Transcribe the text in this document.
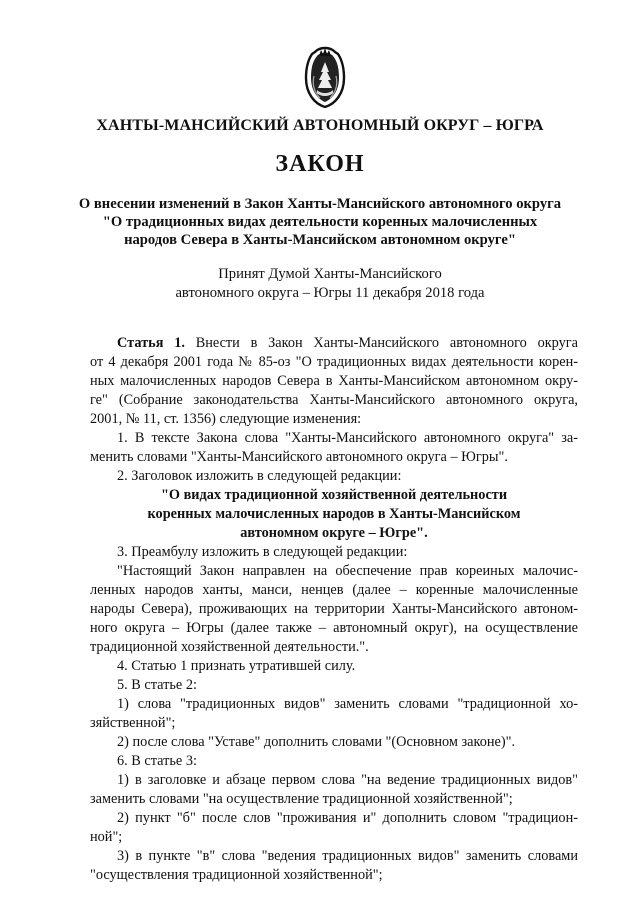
ХАНТЫ-МАНСИЙСКИЙ АВТОНОМНЫЙ ОКРУГ – ЮГРА
ЗАКОН
О внесении изменений в Закон Ханты-Мансийского автономного округа
"О традиционных видах деятельности коренных малочисленных
народов Севера в Ханты-Мансийском автономном округе"
Принят Думой Ханты-Мансийского
автономного округа – Югры 11 декабря 2018 года
Статья 1. Внести в Закон Ханты-Мансийского автономного округа
от 4 декабря 2001 года № 85-оз "О традиционных видах деятельности корен-
ных малочисленных народов Севера в Ханты-Мансийском автономном окру-
ге" (Собрание законодательства Ханты-Мансийского автономного округа,
2001, № 11, ст. 1356) следующие изменения:
1. В тексте Закона слова "Ханты-Мансийского автономного округа" за-
менить словами "Ханты-Мансийского автономного округа – Югры".
2. Заголовок изложить в следующей редакции:
"О видах традиционной хозяйственной деятельности
коренных малочисленных народов в Ханты-Мансийском
автономном округе – Югре".
3. Преамбулу изложить в следующей редакции:
"Настоящий Закон направлен на обеспечение прав кореиных малочис-
ленных народов ханты, манси, ненцев (далее – коренные малочисленные
народы Севера), проживающих на территории Ханты-Мансийского автоном-
ного округа – Югры (далее также – автономный округ), на осуществление
традиционной хозяйственной деятельности.".
4. Статью 1 признать утратившей силу.
5. В статье 2:
1) слова "традиционных видов" заменить словами "традиционной хо-
зяйственной";
2) после слова "Уставе" дополнить словами "(Основном законе)".
6. В статье 3:
1) в заголовке и абзаце первом слова "на ведение традиционных видов"
заменить словами "на осуществление традиционной хозяйственной";
2) пункт "б" после слов "проживания и" дополнить словом "традицион-
ной";
3) в пункте "в" слова "ведения традиционных видов" заменить словами
"осуществления традиционной хозяйственной";
